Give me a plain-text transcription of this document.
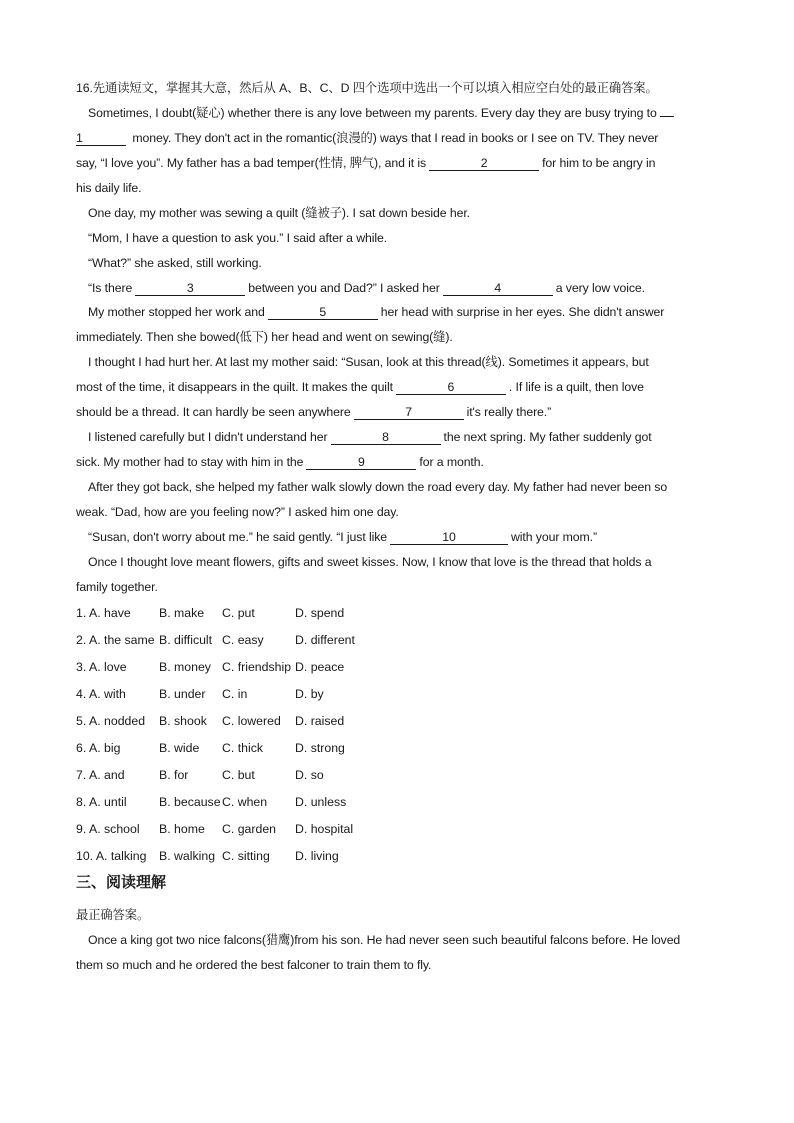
16.先通读短文，掌握其大意，然后从 A、B、C、D 四个选项中选出一个可以填入相应空白处的最正确答案。
Sometimes, I doubt(疑心) whether there is any love between my parents. Every day they are busy trying to
1	money. They don't act in the romantic(浪漫的) ways that I read in books or I see on TV. They never
say, “I love you”. My father has a bad temper(性情, 脾气), and it is	2	for him to be angry in
his daily life.
One day, my mother was sewing a quilt (缝被子). I sat down beside her.
“Mom, I have a question to ask you.” I said after a while.
“What?” she asked, still working.
“Is there	3	between you and Dad?” I asked her	4	a very low voice.
My mother stopped her work and	5	her head with surprise in her eyes. She didn't answer
immediately. Then she bowed(低下) her head and went on sewing(缝).
I thought I had hurt her. At last my mother said: “Susan, look at this thread(线). Sometimes it appears, but
most of the time, it disappears in the quilt. It makes the quilt	6	. If life is a quilt, then love
should be a thread. It can hardly be seen anywhere	7	it's really there.”
I listened carefully but I didn't understand her	8	the next spring. My father suddenly got
sick. My mother had to stay with him in the	9	for a month.
After they got back, she helped my father walk slowly down the road every day. My father had never been so
weak. “Dad, how are you feeling now?” I asked him one day.
“Susan, don't worry about me.” he said gently. “I just like	10	with your mom.”
Once I thought love meant flowers, gifts and sweet kisses. Now, I know that love is the thread that holds a
family together.
1. A. have B. make C. put	D. spend
2. A. the same B. difficult C. easy	D. different
3. A. love	B. money C. friendship D. peace
4. A. with	B. under C. in	D. by
5. A. nodded B. shook C. lowered D. raised
6. A. big	B. wide C. thick	D. strong
7. A. and	B. for	C. but	D. so
8. A. until	B. because C. when D. unless
9. A. school B. home C. garden D. hospital
10. A. talking B. walking C. sitting D. living
三、阅读理解
最正确答案。
Once a king got two nice falcons(猎鹰)from his son. He had never seen such beautiful falcons before. He loved
them so much and he ordered the best falconer to train them to fly.
